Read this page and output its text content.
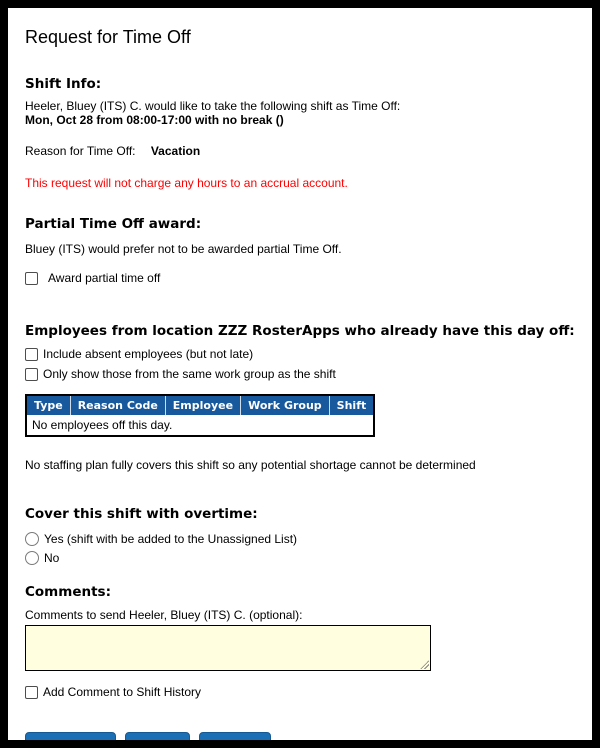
Request for Time Off
Shift Info:
Heeler, Bluey (ITS) C. would like to take the following shift as Time Off:
Mon, Oct 28 from 08:00-17:00 with no break ()
Reason for Time Off: Vacation
This request will not charge any hours to an accrual account.
Partial Time Off award:
Bluey (ITS) would prefer not to be awarded partial Time Off.
Award partial time off
Employees from location ZZZ RosterApps who already have this day off:
Include absent employees (but not late)
Only show those from the same work group as the shift
Type	Reason Code	Employee	Work Group	Shift
No employees off this day.
No staffing plan fully covers this shift so any potential shortage cannot be determined
Cover this shift with overtime:
Yes (shift with be added to the Unassigned List)
No
Comments:
Comments to send Heeler, Bluey (ITS) C. (optional):
Add Comment to Shift History
Approve	Deny	Cancel
